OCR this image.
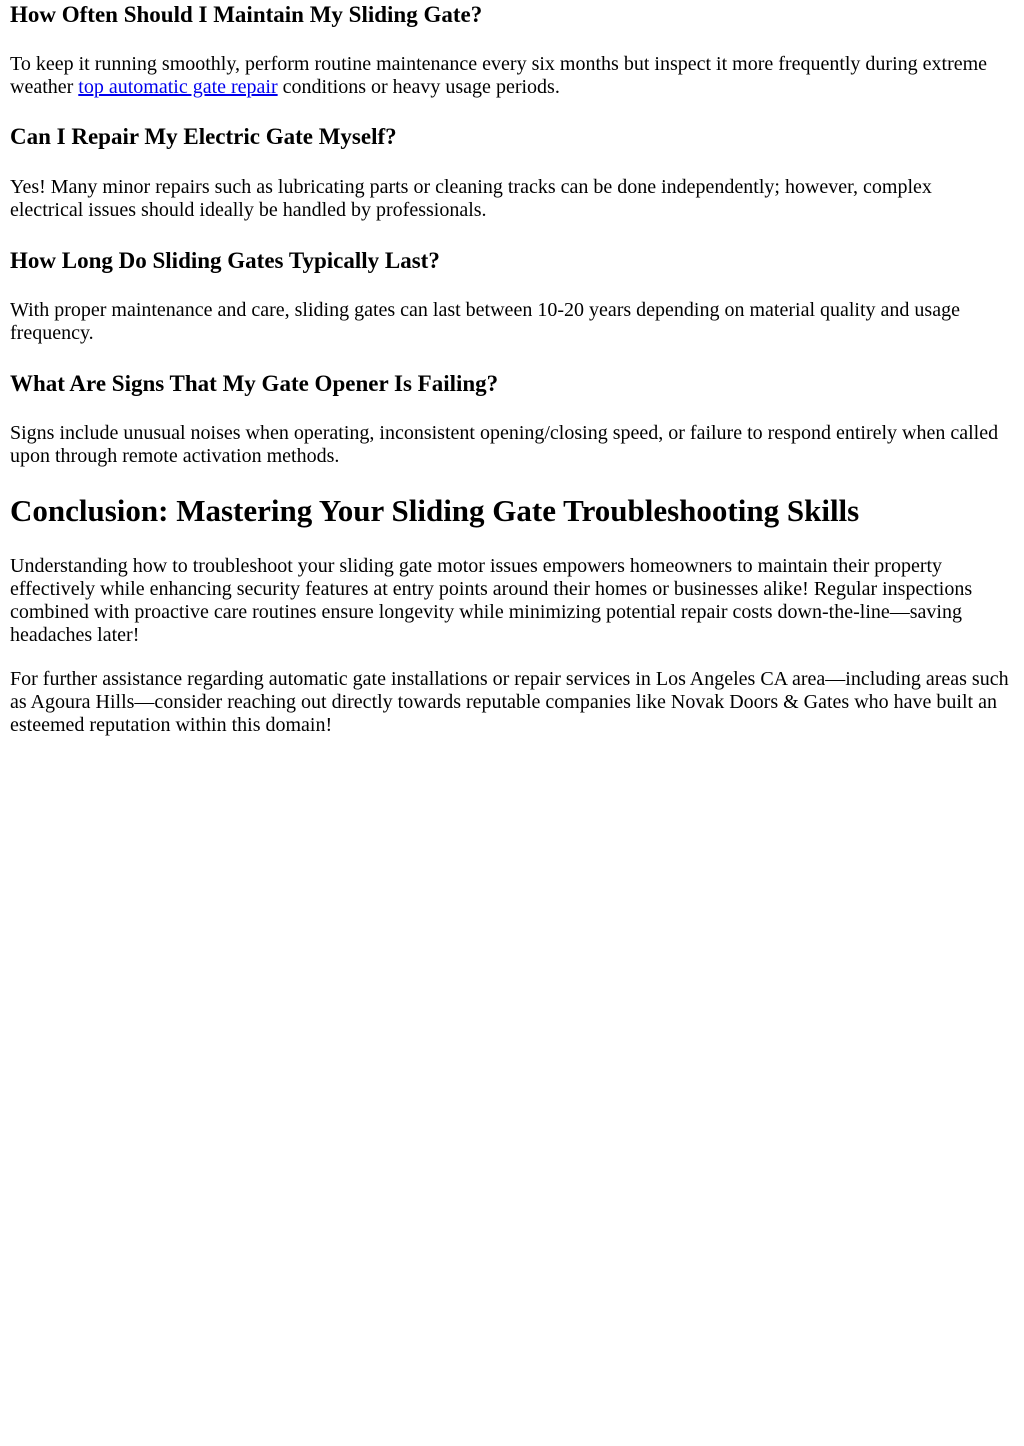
How Often Should I Maintain My Sliding Gate?

To keep it running smoothly, perform routine maintenance every six months but inspect it more frequently during extreme weather top automatic gate repair conditions or heavy usage periods.

Can I Repair My Electric Gate Myself?

Yes! Many minor repairs such as lubricating parts or cleaning tracks can be done independently; however, complex electrical issues should ideally be handled by professionals.

How Long Do Sliding Gates Typically Last?

With proper maintenance and care, sliding gates can last between 10-20 years depending on material quality and usage frequency.

What Are Signs That My Gate Opener Is Failing?

Signs include unusual noises when operating, inconsistent opening/closing speed, or failure to respond entirely when called upon through remote activation methods.

Conclusion: Mastering Your Sliding Gate Troubleshooting Skills

Understanding how to troubleshoot your sliding gate motor issues empowers homeowners to maintain their property effectively while enhancing security features at entry points around their homes or businesses alike! Regular inspections combined with proactive care routines ensure longevity while minimizing potential repair costs down-the-line—saving headaches later!

For further assistance regarding automatic gate installations or repair services in Los Angeles CA area—including areas such as Agoura Hills—consider reaching out directly towards reputable companies like Novak Doors & Gates who have built an esteemed reputation within this domain!
